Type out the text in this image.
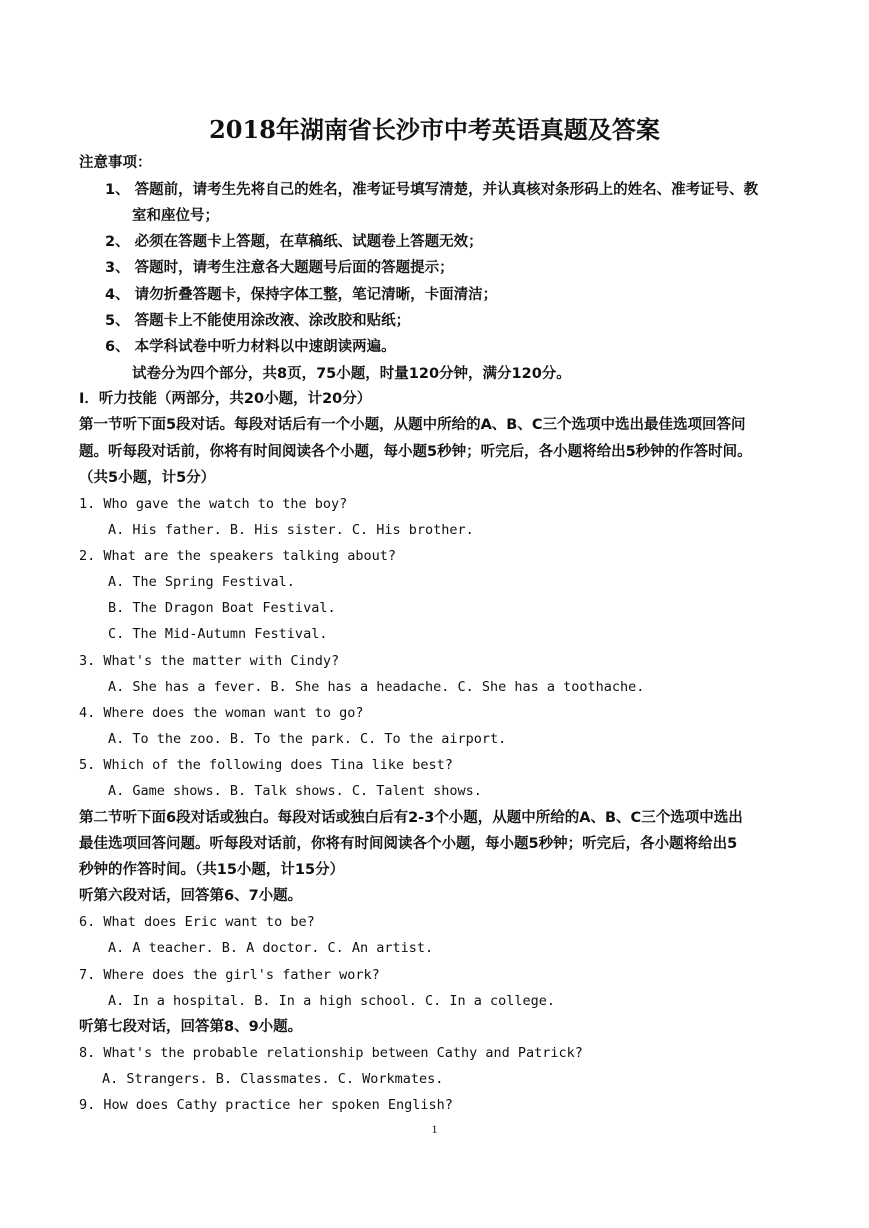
2018年湖南省长沙市中考英语真题及答案
注意事项：
1、 答题前，请考生先将自己的姓名，准考证号填写清楚，并认真核对条形码上的姓名、准考证号、教
室和座位号；
2、 必须在答题卡上答题，在草稿纸、试题卷上答题无效；
3、 答题时，请考生注意各大题题号后面的答题提示；
4、 请勿折叠答题卡，保持字体工整，笔记清晰，卡面清洁；
5、 答题卡上不能使用涂改液、涂改胶和贴纸；
6、 本学科试卷中听力材料以中速朗读两遍。
试卷分为四个部分，共8页，75小题，时量120分钟，满分120分。
Ⅰ．听力技能（两部分，共20小题，计20分）
第一节听下面5段对话。每段对话后有一个小题，从题中所给的A、B、C三个选项中选出最佳选项回答问
题。听每段对话前，你将有时间阅读各个小题，每小题5秒钟；听完后，各小题将给出5秒钟的作答时间。
（共5小题，计5分）
1. Who gave the watch to the boy?
A. His father. B. His sister. C. His brother.
2. What are the speakers talking about?
A. The Spring Festival.
B. The Dragon Boat Festival.
C. The Mid-Autumn Festival.
3. What's the matter with Cindy?
A. She has a fever. B. She has a headache. C. She has a toothache.
4. Where does the woman want to go?
A. To the zoo. B. To the park. C. To the airport.
5. Which of the following does Tina like best?
A. Game shows. B. Talk shows. C. Talent shows.
第二节听下面6段对话或独白。每段对话或独白后有2-3个小题，从题中所给的A、B、C三个选项中选出
最佳选项回答问题。听每段对话前，你将有时间阅读各个小题，每小题5秒钟；听完后，各小题将给出5
秒钟的作答时间。（共15小题，计15分）
听第六段对话，回答第6、7小题。
6. What does Eric want to be?
A. A teacher. B. A doctor. C. An artist.
7. Where does the girl's father work?
A. In a hospital. B. In a high school. C. In a college.
听第七段对话，回答第8、9小题。
8. What's the probable relationship between Cathy and Patrick?
A. Strangers. B. Classmates. C. Workmates.
9. How does Cathy practice her spoken English?
1
